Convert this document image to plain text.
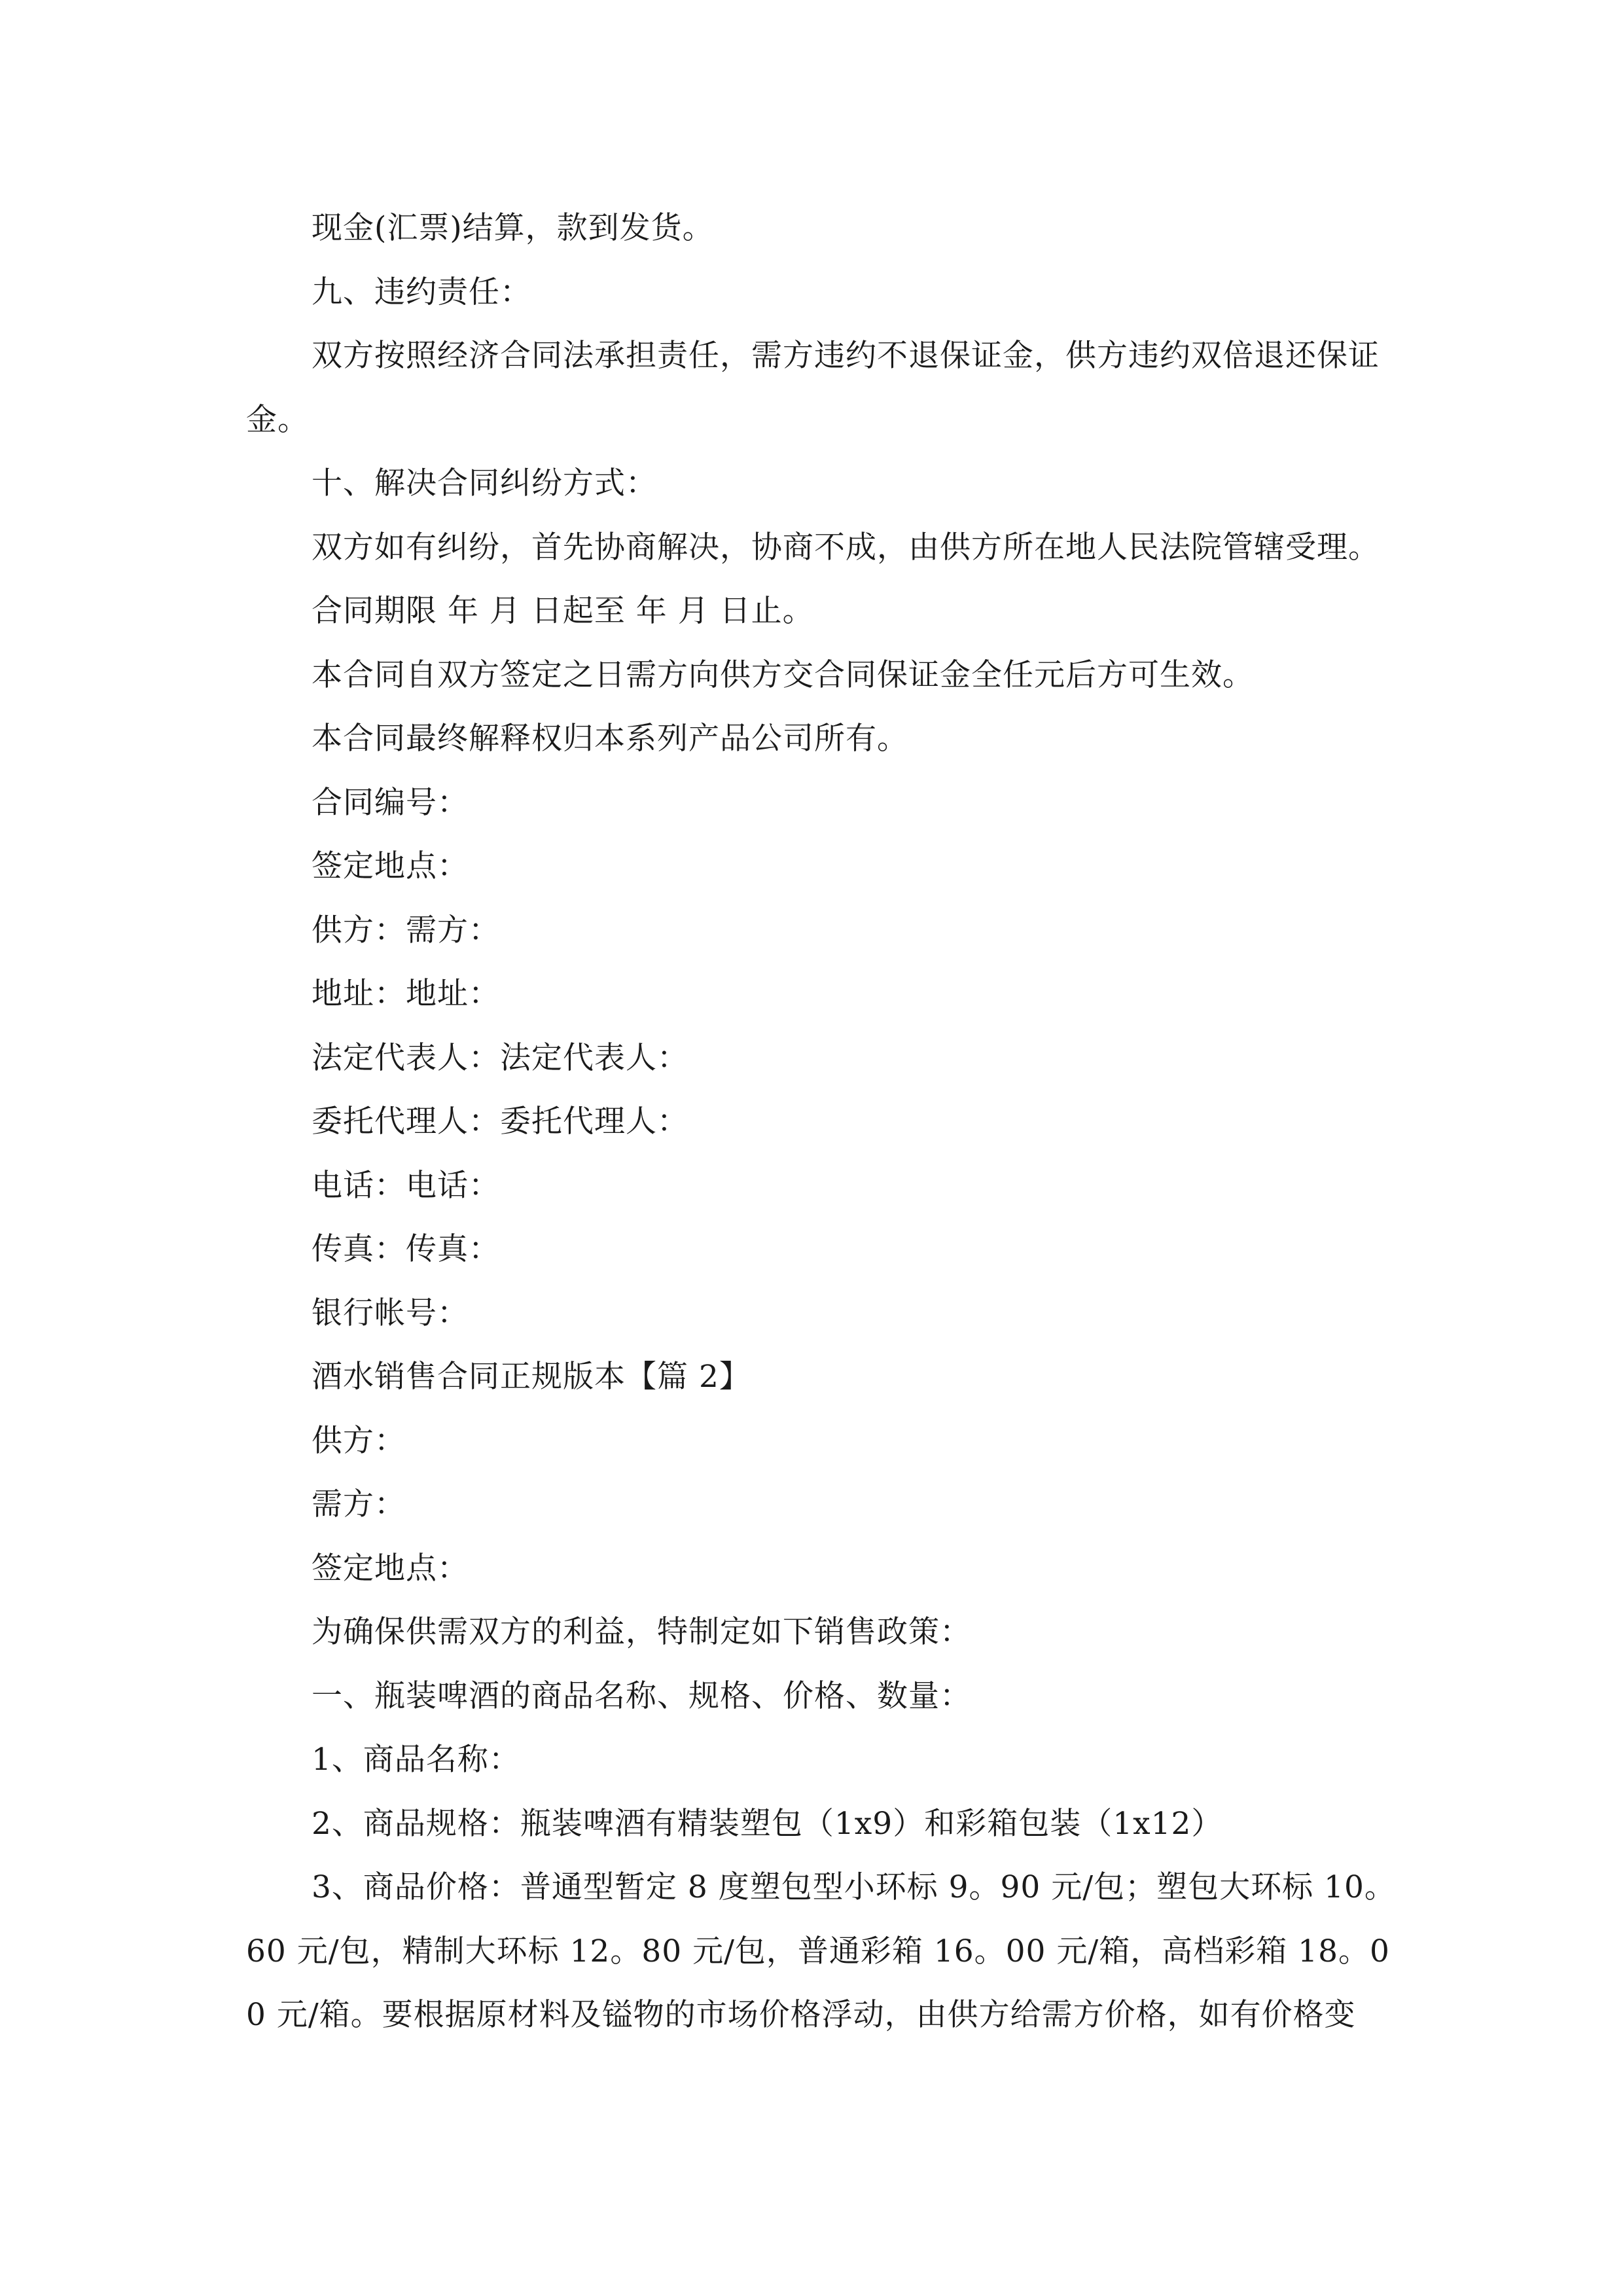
现金(汇票)结算，款到发货。

九、违约责任：

双方按照经济合同法承担责任，需方违约不退保证金，供方违约双倍退还保证金。

十、解决合同纠纷方式：

双方如有纠纷，首先协商解决，协商不成，由供方所在地人民法院管辖受理。

合同期限 年 月 日起至 年 月 日止。

本合同自双方签定之日需方向供方交合同保证金全任元后方可生效。

本合同最终解释权归本系列产品公司所有。

合同编号：

签定地点：

供方：需方：

地址：地址：

法定代表人：法定代表人：

委托代理人：委托代理人：

电话：电话：

传真：传真：

银行帐号：

酒水销售合同正规版本【篇 2】

供方：

需方：

签定地点：

为确保供需双方的利益，特制定如下销售政策：

一、瓶装啤酒的商品名称、规格、价格、数量：

1、商品名称：

2、商品规格：瓶装啤酒有精装塑包（1x9）和彩箱包装（1x12）

3、商品价格：普通型暂定 8 度塑包型小环标 9。90 元/包；塑包大环标 10。60 元/包，精制大环标 12。80 元/包，普通彩箱 16。00 元/箱，高档彩箱 18。00 元/箱。要根据原材料及镒物的市场价格浮动，由供方给需方价格，如有价格变
